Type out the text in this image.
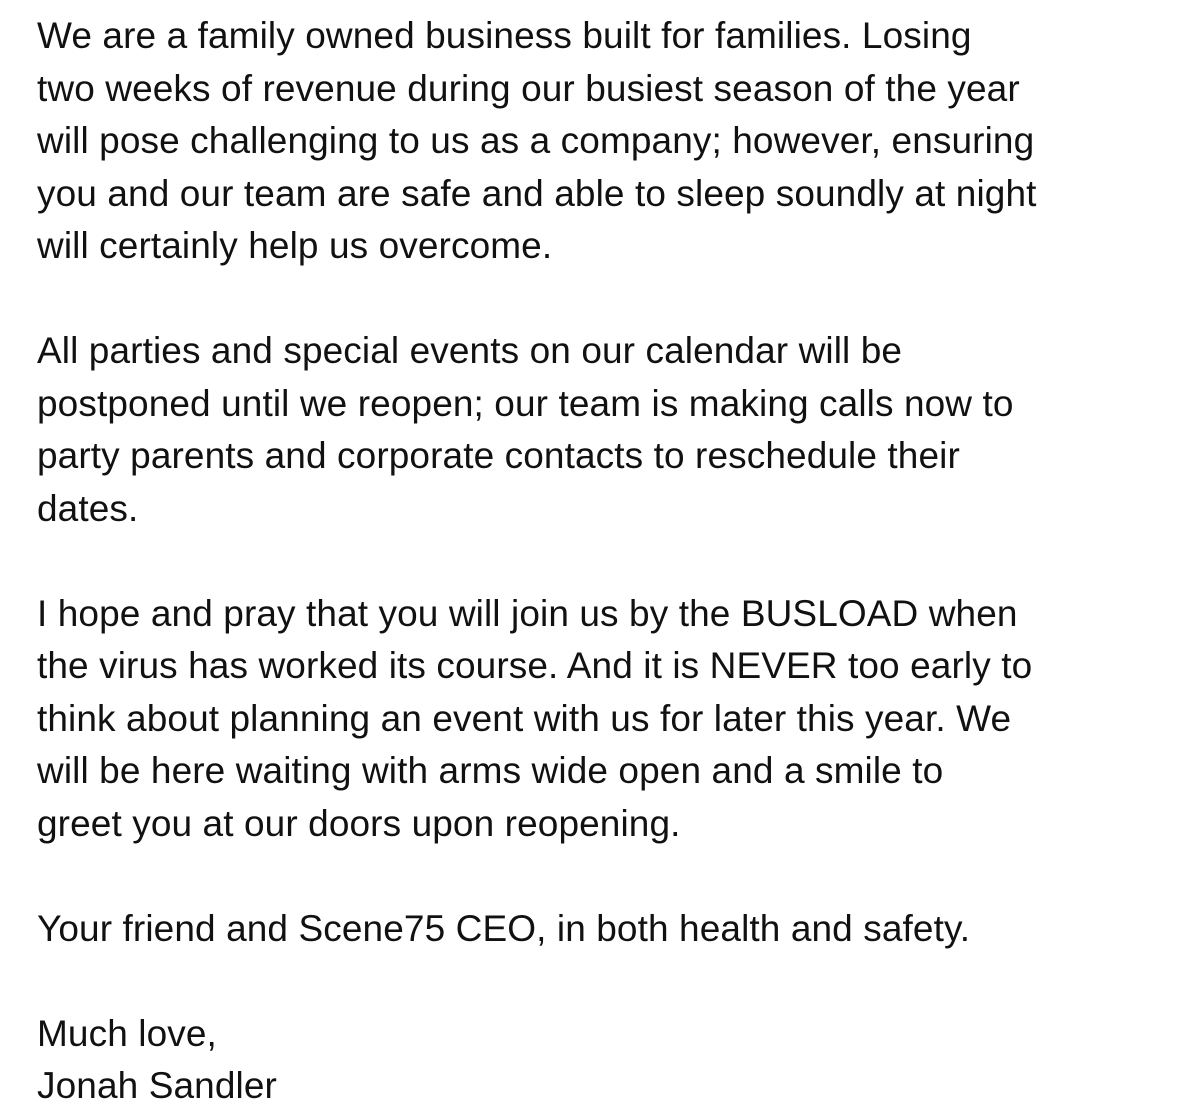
We are a family owned business built for families. Losing
two weeks of revenue during our busiest season of the year
will pose challenging to us as a company; however, ensuring
you and our team are safe and able to sleep soundly at night
will certainly help us overcome.

All parties and special events on our calendar will be
postponed until we reopen; our team is making calls now to
party parents and corporate contacts to reschedule their
dates.

I hope and pray that you will join us by the BUSLOAD when
the virus has worked its course. And it is NEVER too early to
think about planning an event with us for later this year. We
will be here waiting with arms wide open and a smile to
greet you at our doors upon reopening.

Your friend and Scene75 CEO, in both health and safety.

Much love,
Jonah Sandler
